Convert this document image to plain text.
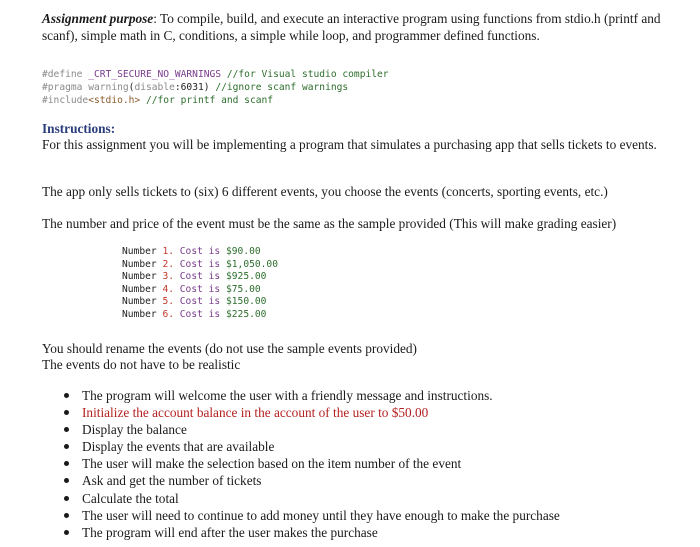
Assignment purpose: To compile, build, and execute an interactive program using functions from stdio.h (printf and scanf), simple math in C, conditions, a simple while loop, and programmer defined functions.
#define _CRT_SECURE_NO_WARNINGS //for Visual studio compiler
#pragma warning(disable:6031) //ignore scanf warnings
#include<stdio.h> //for printf and scanf
Instructions:
For this assignment you will be implementing a program that simulates a purchasing app that sells tickets to events.
The app only sells tickets to (six) 6 different events, you choose the events (concerts, sporting events, etc.)
The number and price of the event must be the same as the sample provided (This will make grading easier)
Number 1. Cost is $90.00
Number 2. Cost is $1,050.00
Number 3. Cost is $925.00
Number 4. Cost is $75.00
Number 5. Cost is $150.00
Number 6. Cost is $225.00
You should rename the events (do not use the sample events provided)
The events do not have to be realistic
The program will welcome the user with a friendly message and instructions.
Initialize the account balance in the account of the user to $50.00
Display the balance
Display the events that are available
The user will make the selection based on the item number of the event
Ask and get the number of tickets
Calculate the total
The user will need to continue to add money until they have enough to make the purchase
The program will end after the user makes the purchase
